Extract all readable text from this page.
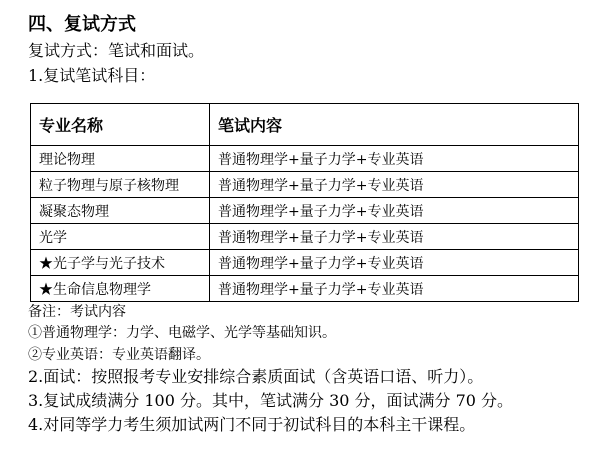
四、复试方式
复试方式：笔试和面试。
1.复试笔试科目：
专业名称	笔试内容
理论物理	普通物理学+量子力学+专业英语
粒子物理与原子核物理	普通物理学+量子力学+专业英语
凝聚态物理	普通物理学+量子力学+专业英语
光学	普通物理学+量子力学+专业英语
★光子学与光子技术	普通物理学+量子力学+专业英语
★生命信息物理学	普通物理学+量子力学+专业英语
备注：考试内容
①普通物理学：力学、电磁学、光学等基础知识。
②专业英语：专业英语翻译。
2.面试：按照报考专业安排综合素质面试（含英语口语、听力）。
3.复试成绩满分 100 分。其中，笔试满分 30 分，面试满分 70 分。
4.对同等学力考生须加试两门不同于初试科目的本科主干课程。
